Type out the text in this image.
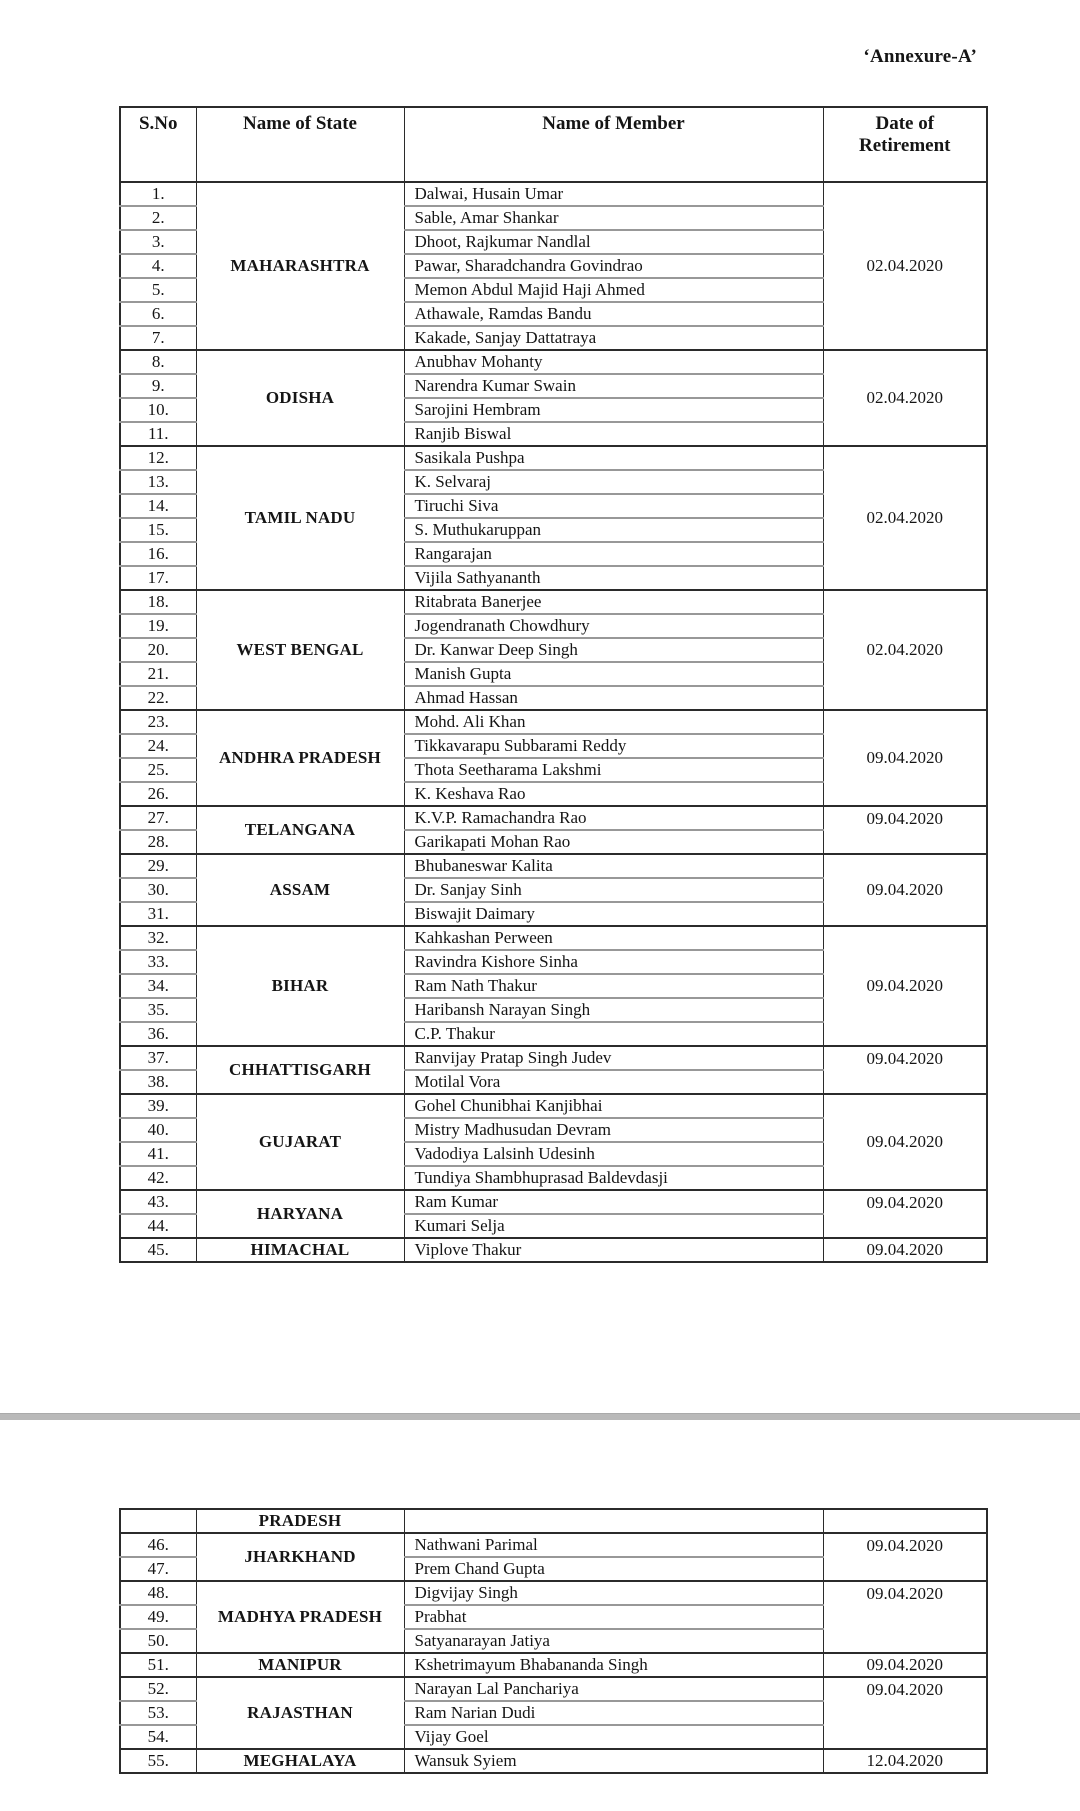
‘Annexure-A’
S.No	Name of State	Name of Member	Date of Retirement
1.	MAHARASHTRA	Dalwai, Husain Umar	02.04.2020
2.		Sable, Amar Shankar	
3.		Dhoot, Rajkumar Nandlal	
4.		Pawar, Sharadchandra Govindrao	
5.		Memon Abdul Majid Haji Ahmed	
6.		Athawale, Ramdas Bandu	
7.		Kakade, Sanjay Dattatraya	
8.	ODISHA	Anubhav Mohanty	02.04.2020
9.		Narendra Kumar Swain	
10.		Sarojini Hembram	
11.		Ranjib Biswal	
12.	TAMIL NADU	Sasikala Pushpa	02.04.2020
13.		K. Selvaraj	
14.		Tiruchi Siva	
15.		S. Muthukaruppan	
16.		Rangarajan	
17.		Vijila Sathyananth	
18.	WEST BENGAL	Ritabrata Banerjee	02.04.2020
19.		Jogendranath Chowdhury	
20.		Dr. Kanwar Deep Singh	
21.		Manish Gupta	
22.		Ahmad Hassan	
23.	ANDHRA PRADESH	Mohd. Ali Khan	09.04.2020
24.		Tikkavarapu Subbarami Reddy	
25.		Thota Seetharama Lakshmi	
26.		K. Keshava Rao	
27.	TELANGANA	K.V.P. Ramachandra Rao	09.04.2020
28.		Garikapati Mohan Rao	
29.	ASSAM	Bhubaneswar Kalita	09.04.2020
30.		Dr. Sanjay Sinh	
31.		Biswajit Daimary	
32.	BIHAR	Kahkashan Perween	09.04.2020
33.		Ravindra Kishore Sinha	
34.		Ram Nath Thakur	
35.		Haribansh Narayan Singh	
36.		C.P. Thakur	
37.	CHHATTISGARH	Ranvijay Pratap Singh Judev	09.04.2020
38.		Motilal Vora	
39.	GUJARAT	Gohel Chunibhai Kanjibhai	09.04.2020
40.		Mistry Madhusudan Devram	
41.		Vadodiya Lalsinh Udesinh	
42.		Tundiya Shambhuprasad Baldevdasji	
43.	HARYANA	Ram Kumar	09.04.2020
44.		Kumari Selja	
45.	HIMACHAL	Viplove Thakur	09.04.2020
	PRADESH		
46.	JHARKHAND	Nathwani Parimal	09.04.2020
47.		Prem Chand Gupta	
48.	MADHYA PRADESH	Digvijay Singh	09.04.2020
49.		Prabhat	
50.		Satyanarayan Jatiya	
51.	MANIPUR	Kshetrimayum Bhabananda Singh	09.04.2020
52.	RAJASTHAN	Narayan Lal Panchariya	09.04.2020
53.		Ram Narian Dudi	
54.		Vijay Goel	
55.	MEGHALAYA	Wansuk Syiem	12.04.2020
